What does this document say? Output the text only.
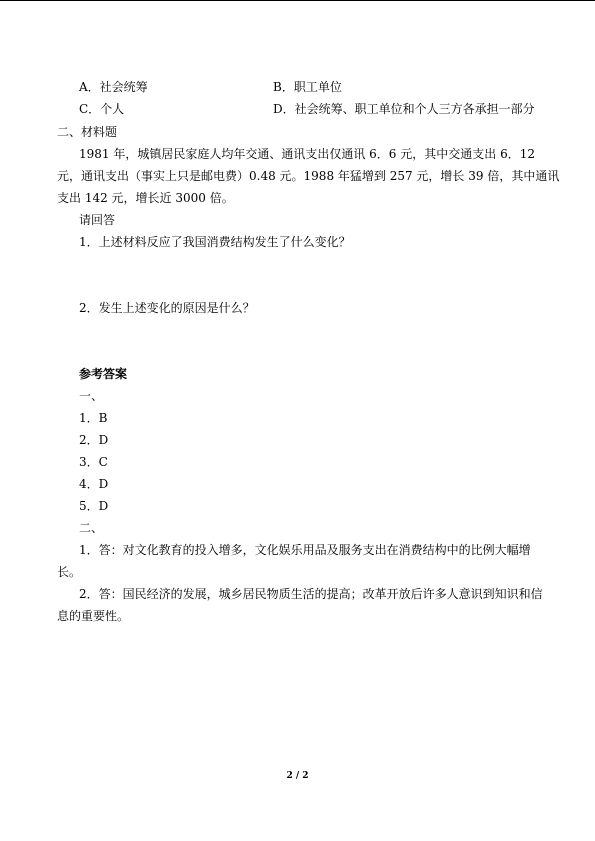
A．社会统筹	B．职工单位
C．个人	D．社会统筹、职工单位和个人三方各承担一部分
二、材料题
1981 年，城镇居民家庭人均年交通、通讯支出仅通讯 6．6 元，其中交通支出 6．12
元，通讯支出（事实上只是邮电费）0.48 元。1988 年猛增到 257 元，增长 39 倍，其中通讯
支出 142 元，增长近 3000 倍。
请回答
1．上述材料反应了我国消费结构发生了什么变化？
2．发生上述变化的原因是什么？
参考答案
一、
1．B
2．D
3．C
4．D
5．D
二、
1．答：对文化教育的投入增多，文化娱乐用品及服务支出在消费结构中的比例大幅增
长。
2．答：国民经济的发展，城乡居民物质生活的提高；改革开放后许多人意识到知识和信
息的重要性。
2 / 2
